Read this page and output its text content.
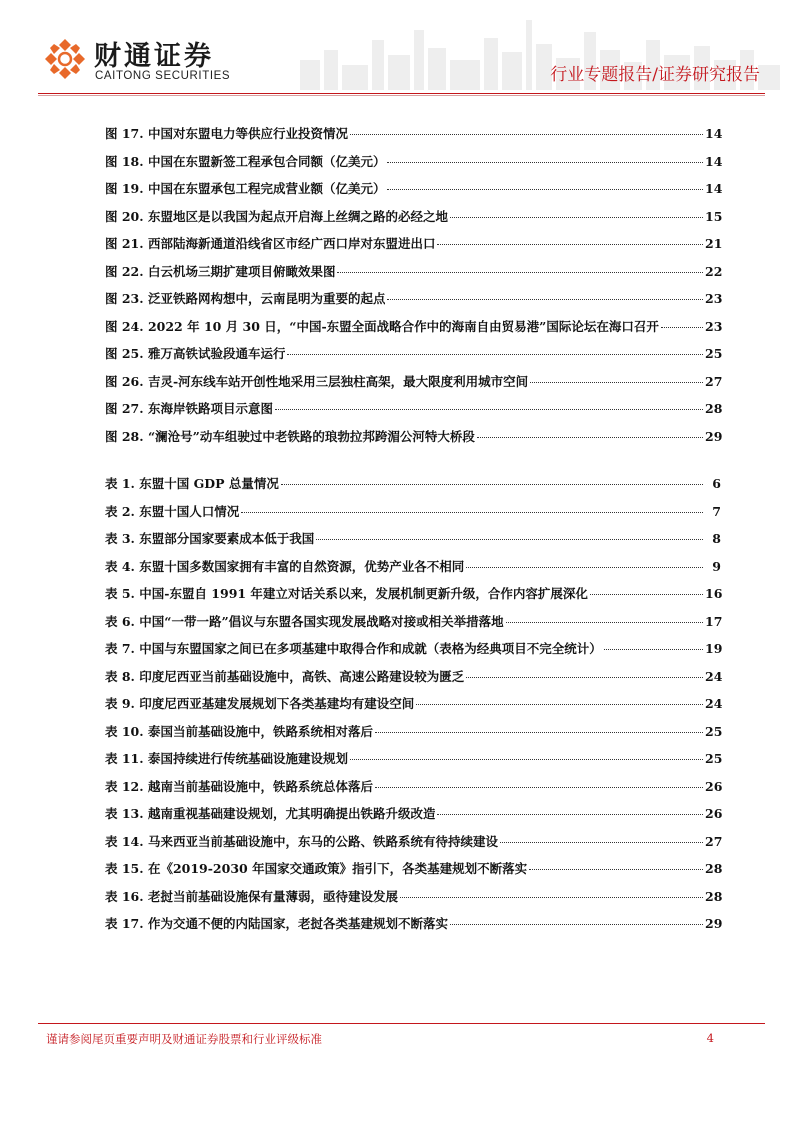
财通证券
CAITONG SECURITIES	行业专题报告/证券研究报告
图 17. 中国对东盟电力等供应行业投资情况	14
图 18. 中国在东盟新签工程承包合同额（亿美元）	14
图 19. 中国在东盟承包工程完成营业额（亿美元）	14
图 20. 东盟地区是以我国为起点开启海上丝绸之路的必经之地	15
图 21. 西部陆海新通道沿线省区市经广西口岸对东盟进出口	21
图 22. 白云机场三期扩建项目俯瞰效果图	22
图 23. 泛亚铁路网构想中，云南昆明为重要的起点	23
图 24. 2022 年 10 月 30 日，“中国-东盟全面战略合作中的海南自由贸易港”国际论坛在海口召开	23
图 25. 雅万高铁试验段通车运行	25
图 26. 吉灵-河东线车站开创性地采用三层独柱高架，最大限度利用城市空间	27
图 27. 东海岸铁路项目示意图	28
图 28. “澜沧号”动车组驶过中老铁路的琅勃拉邦跨湄公河特大桥段	29
表 1. 东盟十国 GDP 总量情况	6
表 2. 东盟十国人口情况	7
表 3. 东盟部分国家要素成本低于我国	8
表 4. 东盟十国多数国家拥有丰富的自然资源，优势产业各不相同	9
表 5. 中国-东盟自 1991 年建立对话关系以来，发展机制更新升级，合作内容扩展深化	16
表 6. 中国“一带一路”倡议与东盟各国实现发展战略对接或相关举措落地	17
表 7. 中国与东盟国家之间已在多项基建中取得合作和成就（表格为经典项目不完全统计）	19
表 8. 印度尼西亚当前基础设施中，高铁、高速公路建设较为匮乏	24
表 9. 印度尼西亚基建发展规划下各类基建均有建设空间	24
表 10. 泰国当前基础设施中，铁路系统相对落后	25
表 11. 泰国持续进行传统基础设施建设规划	25
表 12. 越南当前基础设施中，铁路系统总体落后	26
表 13. 越南重视基础建设规划，尤其明确提出铁路升级改造	26
表 14. 马来西亚当前基础设施中，东马的公路、铁路系统有待持续建设	27
表 15. 在《2019-2030 年国家交通政策》指引下，各类基建规划不断落实	28
表 16. 老挝当前基础设施保有量薄弱，亟待建设发展	28
表 17. 作为交通不便的内陆国家，老挝各类基建规划不断落实	29
谨请参阅尾页重要声明及财通证券股票和行业评级标准	4
